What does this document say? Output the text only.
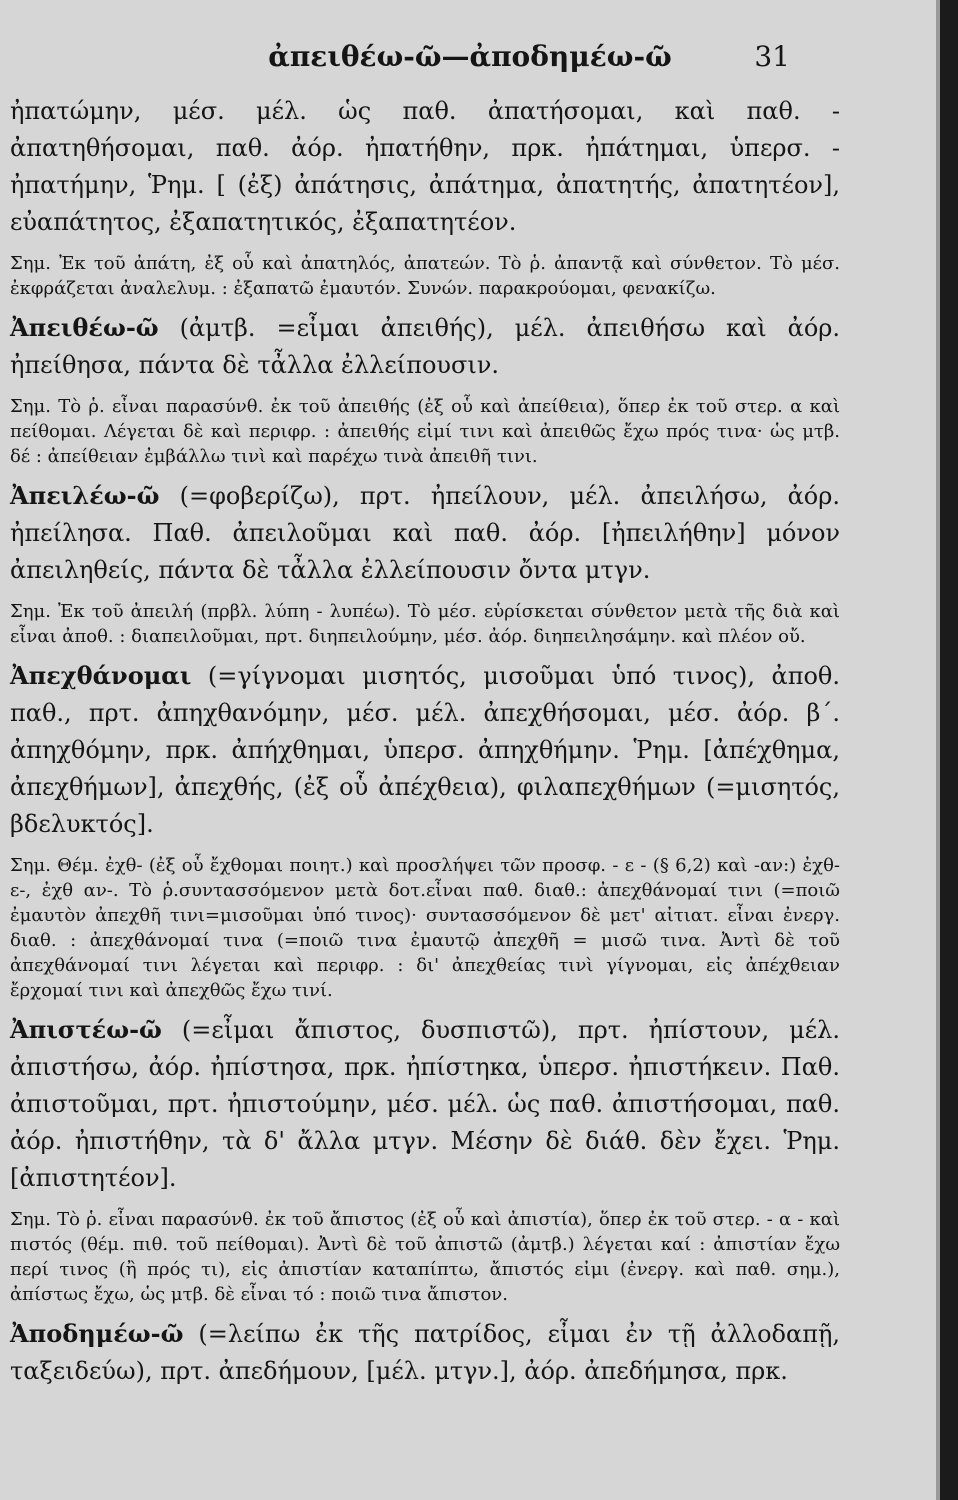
ἀπειθέω-ῶ—ἀποδημέω-ῶ	31

ἠπατώμην, μέσ. μέλ. ὡς παθ. ἀπατήσομαι, καὶ παθ. - ἀπατηθήσομαι, παθ. ἀόρ. ἠπατήθην, πρκ. ἠπάτημαι, ὑπερσ. - ἠπατήμην, Ῥημ. [ (ἐξ) ἀπάτησις, ἀπάτημα, ἀπατητής, ἀπατητέον], εὐαπάτητος, ἐξαπατητικός, ἐξαπατητέον.

Σημ. Ἐκ τοῦ ἀπάτη, ἐξ οὗ καὶ ἀπατηλός, ἀπατεών. Τὸ ῥ. ἀπαντᾷ καὶ σύνθετον. Τὸ μέσ. ἐκφράζεται ἀναλελυμ. : ἐξαπατῶ ἐμαυτόν. Συνών. παρακρούομαι, φενακίζω.

Ἀπειθέω-ῶ (ἀμτβ. =εἶμαι ἀπειθής), μέλ. ἀπειθήσω καὶ ἀόρ. ἠπείθησα, πάντα δὲ τἆλλα ἐλλείπουσιν.

Σημ. Τὸ ῥ. εἶναι παρασύνθ. ἐκ τοῦ ἀπειθής (ἐξ οὗ καὶ ἀπείθεια), ὅπερ ἐκ τοῦ στερ. α καὶ πείθομαι. Λέγεται δὲ καὶ περιφρ. : ἀπειθής εἰμί τινι καὶ ἀπειθῶς ἔχω πρός τινα· ὡς μτβ. δέ : ἀπείθειαν ἐμβάλλω τινὶ καὶ παρέχω τινὰ ἀπειθῆ τινι.

Ἀπειλέω-ῶ (=φοβερίζω), πρτ. ἠπείλουν, μέλ. ἀπειλήσω, ἀόρ. ἠπείλησα. Παθ. ἀπειλοῦμαι καὶ παθ. ἀόρ. [ἠπειλήθην] μόνον ἀπειληθείς, πάντα δὲ τἆλλα ἐλλείπουσιν ὄντα μτγν.

Σημ. Ἐκ τοῦ ἀπειλή (πρβλ. λύπη - λυπέω). Τὸ μέσ. εὑρίσκεται σύνθετον μετὰ τῆς διὰ καὶ εἶναι ἀποθ. : διαπειλοῦμαι, πρτ. διηπειλούμην, μέσ. ἀόρ. διηπειλησάμην. καὶ πλέον οὔ.

Ἀπεχθάνομαι (=γίγνομαι μισητός, μισοῦμαι ὑπό τινος), ἀποθ. παθ., πρτ. ἀπηχθανόμην, μέσ. μέλ. ἀπεχθήσομαι, μέσ. ἀόρ. β΄. ἀπηχθόμην, πρκ. ἀπήχθημαι, ὑπερσ. ἀπηχθήμην. Ῥημ. [ἀπέχθημα, ἀπεχθήμων], ἀπεχθής, (ἐξ οὗ ἀπέχθεια), φιλαπεχθήμων (=μισητός, βδελυκτός].

Σημ. Θέμ. ἐχθ- (ἐξ οὗ ἔχθομαι ποιητ.) καὶ προσλήψει τῶν προσφ. - ε - (§ 6,2) καὶ -αν:) ἐχθ-ε-, ἐχθ αν-. Τὸ ῥ.συντασσόμενον μετὰ δοτ.εἶναι παθ. διαθ.: ἀπεχθάνομαί τινι (=ποιῶ ἐμαυτὸν ἀπεχθῆ τινι=μισοῦμαι ὑπό τινος)· συντασσόμενον δὲ μετ' αἰτιατ. εἶναι ἐνεργ. διαθ. : ἀπεχθάνομαί τινα (=ποιῶ τινα ἐμαυτῷ ἀπεχθῆ = μισῶ τινα. Ἀντὶ δὲ τοῦ ἀπεχθάνομαί τινι λέγεται καὶ περιφρ. : δι' ἀπεχθείας τινὶ γίγνομαι, εἰς ἀπέχθειαν ἔρχομαί τινι καὶ ἀπεχθῶς ἔχω τινί.

Ἀπιστέω-ῶ (=εἶμαι ἄπιστος, δυσπιστῶ), πρτ. ἠπίστουν, μέλ. ἀπιστήσω, ἀόρ. ἠπίστησα, πρκ. ἠπίστηκα, ὑπερσ. ἠπιστήκειν. Παθ. ἀπιστοῦμαι, πρτ. ἠπιστούμην, μέσ. μέλ. ὡς παθ. ἀπιστήσομαι, παθ. ἀόρ. ἠπιστήθην, τὰ δ' ἄλλα μτγν. Μέσην δὲ διάθ. δὲν ἔχει. Ῥημ. [ἀπιστητέον].

Σημ. Τὸ ῥ. εἶναι παρασύνθ. ἐκ τοῦ ἄπιστος (ἐξ οὗ καὶ ἀπιστία), ὅπερ ἐκ τοῦ στερ. - α - καὶ πιστός (θέμ. πιθ. τοῦ πείθομαι). Ἀντὶ δὲ τοῦ ἀπιστῶ (ἀμτβ.) λέγεται καί : ἀπιστίαν ἔχω περί τινος (ἢ πρός τι), εἰς ἀπιστίαν καταπίπτω, ἄπιστός εἰμι (ἐνεργ. καὶ παθ. σημ.), ἀπίστως ἔχω, ὡς μτβ. δὲ εἶναι τό : ποιῶ τινα ἄπιστον.

Ἀποδημέω-ῶ (=λείπω ἐκ τῆς πατρίδος, εἶμαι ἐν τῇ ἀλλοδαπῇ, ταξειδεύω), πρτ. ἀπεδήμουν, [μέλ. μτγν.], ἀόρ. ἀπεδήμησα, πρκ.
